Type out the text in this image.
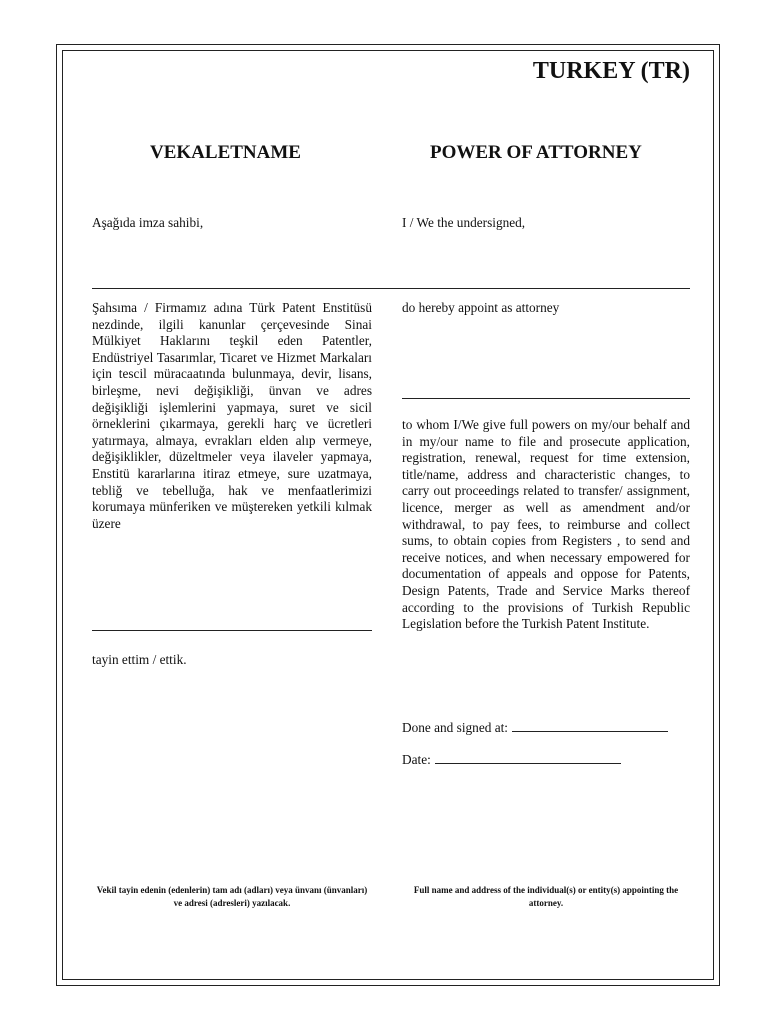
TURKEY (TR)
VEKALETNAME	POWER OF ATTORNEY
Aşağıda imza sahibi,	I / We the undersigned,
Şahsıma / Firmamız adına Türk Patent Enstitüsü nezdinde, ilgili kanunlar çerçevesinde Sinai Mülkiyet Haklarını teşkil eden Patentler, Endüstriyel Tasarımlar, Ticaret ve Hizmet Markaları için tescil müracaatında bulunmaya, devir, lisans, birleşme, nevi değişikliği, ünvan ve adres değişikliği işlemlerini yapmaya, suret ve sicil örneklerini çıkarmaya, gerekli harç ve ücretleri yatırmaya, almaya, evrakları elden alıp vermeye, değişiklikler, düzeltmeler veya ilaveler yapmaya, Enstitü kararlarına itiraz etmeye, sure uzatmaya, tebliğ ve tebelluğa, hak ve menfaatlerimizi korumaya münferiken ve müştereken yetkili kılmak üzere
do hereby appoint as attorney
to whom I/We give full powers on my/our behalf and in my/our name to file and prosecute application, registration, renewal, request for time extension, title/name, address and characteristic changes, to carry out proceedings related to transfer/ assignment, licence, merger as well as amendment and/or withdrawal, to pay fees, to reimburse and collect sums, to obtain copies from Registers , to send and receive notices, and when necessary empowered for documentation of appeals and oppose for Patents, Design Patents, Trade and Service Marks thereof according to the provisions of Turkish Republic Legislation before the Turkish Patent Institute.
tayin ettim / ettik.
Done and signed at:
Date:
Vekil tayin edenin (edenlerin) tam adı (adları) veya ünvanı (ünvanları) ve adresi (adresleri) yazılacak.
Full name and address of the individual(s) or entity(s) appointing the attorney.
